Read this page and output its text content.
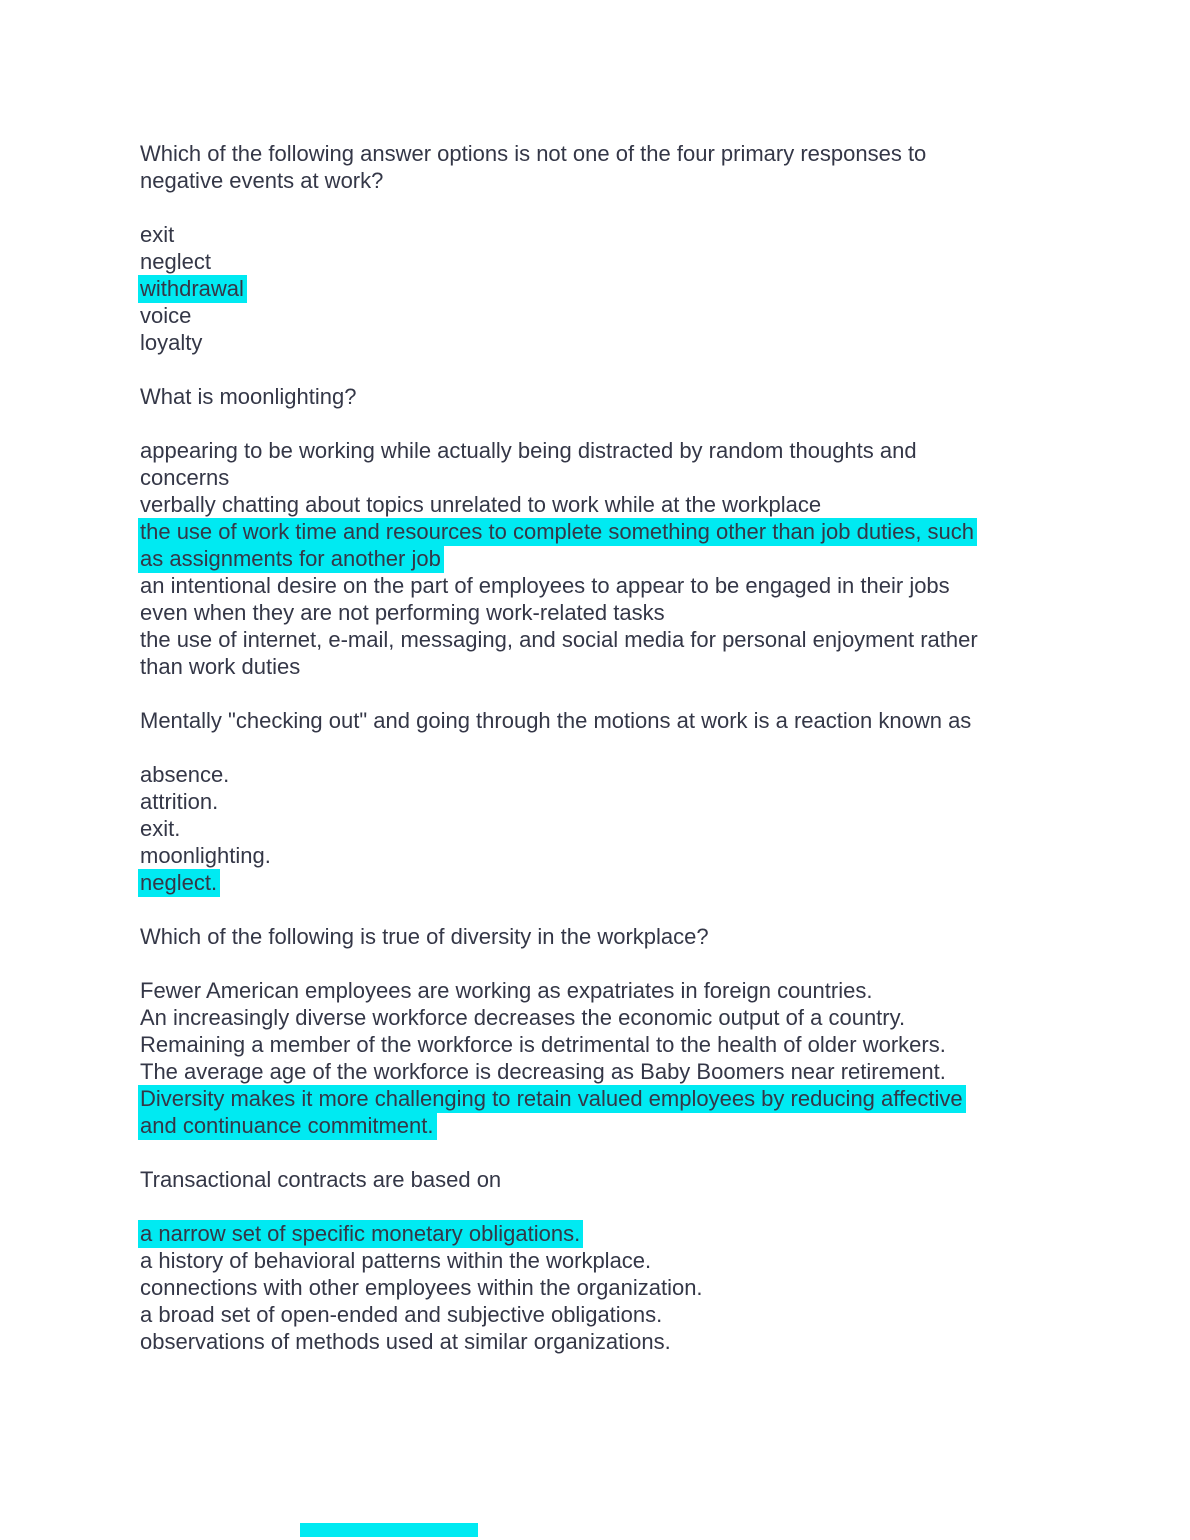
Which of the following answer options is not one of the four primary responses to
negative events at work?
exit
neglect
withdrawal
voice
loyalty
What is moonlighting?
appearing to be working while actually being distracted by random thoughts and
concerns
verbally chatting about topics unrelated to work while at the workplace
the use of work time and resources to complete something other than job duties, such
as assignments for another job
an intentional desire on the part of employees to appear to be engaged in their jobs
even when they are not performing work-related tasks
the use of internet, e-mail, messaging, and social media for personal enjoyment rather
than work duties
Mentally "checking out" and going through the motions at work is a reaction known as
absence.
attrition.
exit.
moonlighting.
neglect.
Which of the following is true of diversity in the workplace?
Fewer American employees are working as expatriates in foreign countries.
An increasingly diverse workforce decreases the economic output of a country.
Remaining a member of the workforce is detrimental to the health of older workers.
The average age of the workforce is decreasing as Baby Boomers near retirement.
Diversity makes it more challenging to retain valued employees by reducing affective
and continuance commitment.
Transactional contracts are based on
a narrow set of specific monetary obligations.
a history of behavioral patterns within the workplace.
connections with other employees within the organization.
a broad set of open-ended and subjective obligations.
observations of methods used at similar organizations.
